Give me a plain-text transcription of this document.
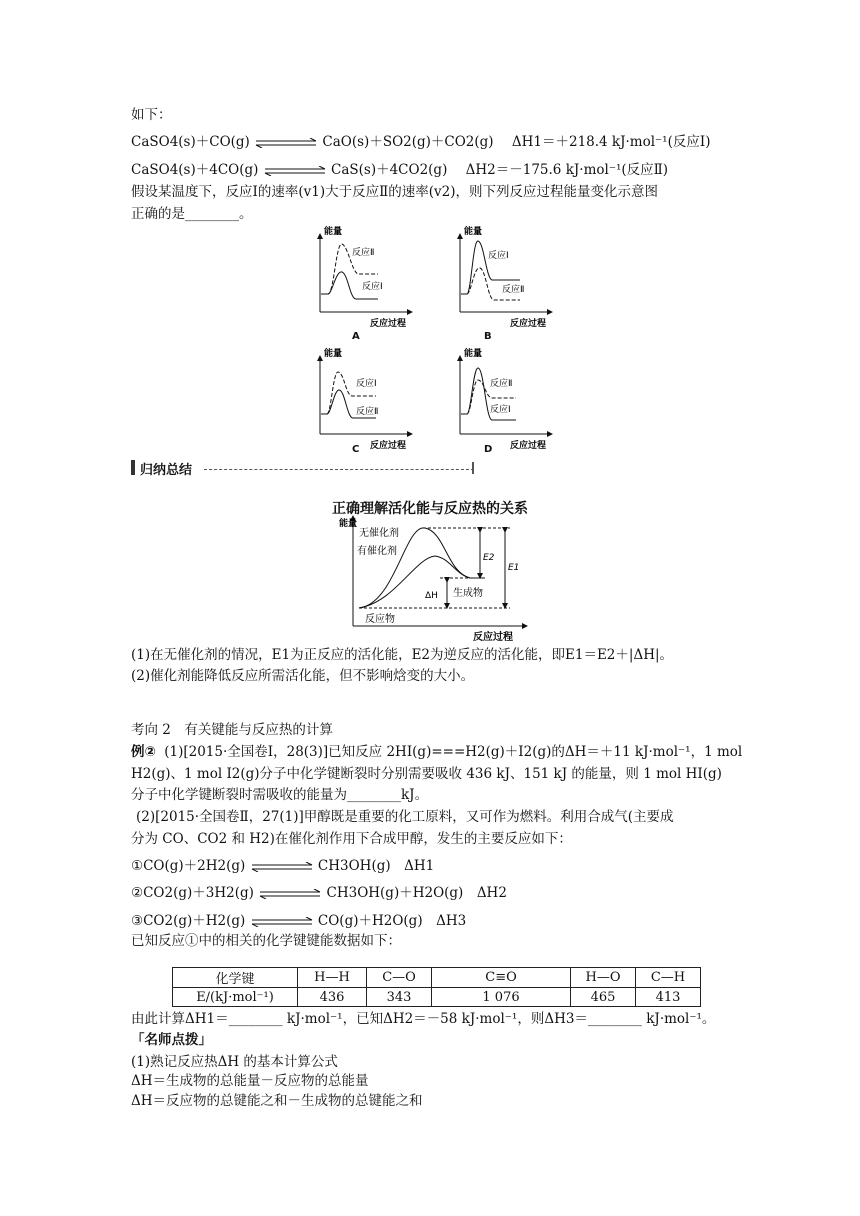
如下：
CaSO4(s)＋CO(g)	CaO(s)＋SO2(g)＋CO2(g) ΔH1＝＋218.4 kJ·mol⁻¹(反应Ⅰ)
CaSO4(s)＋4CO(g)	CaS(s)＋4CO2(g) ΔH2＝－175.6 kJ·mol⁻¹(反应Ⅱ)
假设某温度下，反应Ⅰ的速率(v1)大于反应Ⅱ的速率(v2)，则下列反应过程能量变化示意图
正确的是________。
能量
反应Ⅱ
反应Ⅰ
反应过程
能量
反应Ⅰ
反应Ⅱ
反应过程
能量
反应Ⅰ
反应Ⅱ
反应过程
能量
反应Ⅱ
反应Ⅰ
反应过程
A	B
C	D
归纳总结
正确理解活化能与反应热的关系
能量
无催化剂
有催化剂
E2
E1
ΔH 生成物
反应物
反应过程
(1)在无催化剂的情况，E1为正反应的活化能，E2为逆反应的活化能，即E1＝E2＋|ΔH|。
(2)催化剂能降低反应所需活化能，但不影响焓变的大小。
考向 2　有关键能与反应热的计算
例② (1)[2015·全国卷Ⅰ，28(3)]已知反应 2HI(g)===H2(g)＋I2(g)的ΔH＝＋11 kJ·mol⁻¹，1 mol
H2(g)、1 mol I2(g)分子中化学键断裂时分别需要吸收 436 kJ、151 kJ 的能量，则 1 mol HI(g)
分子中化学键断裂时需吸收的能量为________kJ。
(2)[2015·全国卷Ⅱ，27(1)]甲醇既是重要的化工原料，又可作为燃料。利用合成气(主要成
分为 CO、CO2 和 H2)在催化剂作用下合成甲醇，发生的主要反应如下：
①CO(g)＋2H2(g)	CH3OH(g)　ΔH1
②CO2(g)＋3H2(g)	CH3OH(g)＋H2O(g)　ΔH2
③CO2(g)＋H2(g)	CO(g)＋H2O(g)　ΔH3
已知反应①中的相关的化学键键能数据如下：
化学键	H—H	C—O	C≡O	H—O	C—H
E/(kJ·mol⁻¹)	436	343	1 076	465	413
由此计算ΔH1＝________ kJ·mol⁻¹，已知ΔH2＝－58 kJ·mol⁻¹，则ΔH3＝________ kJ·mol⁻¹。
「名师点拨」
(1)熟记反应热ΔH 的基本计算公式
ΔH＝生成物的总能量－反应物的总能量
ΔH＝反应物的总键能之和－生成物的总键能之和
